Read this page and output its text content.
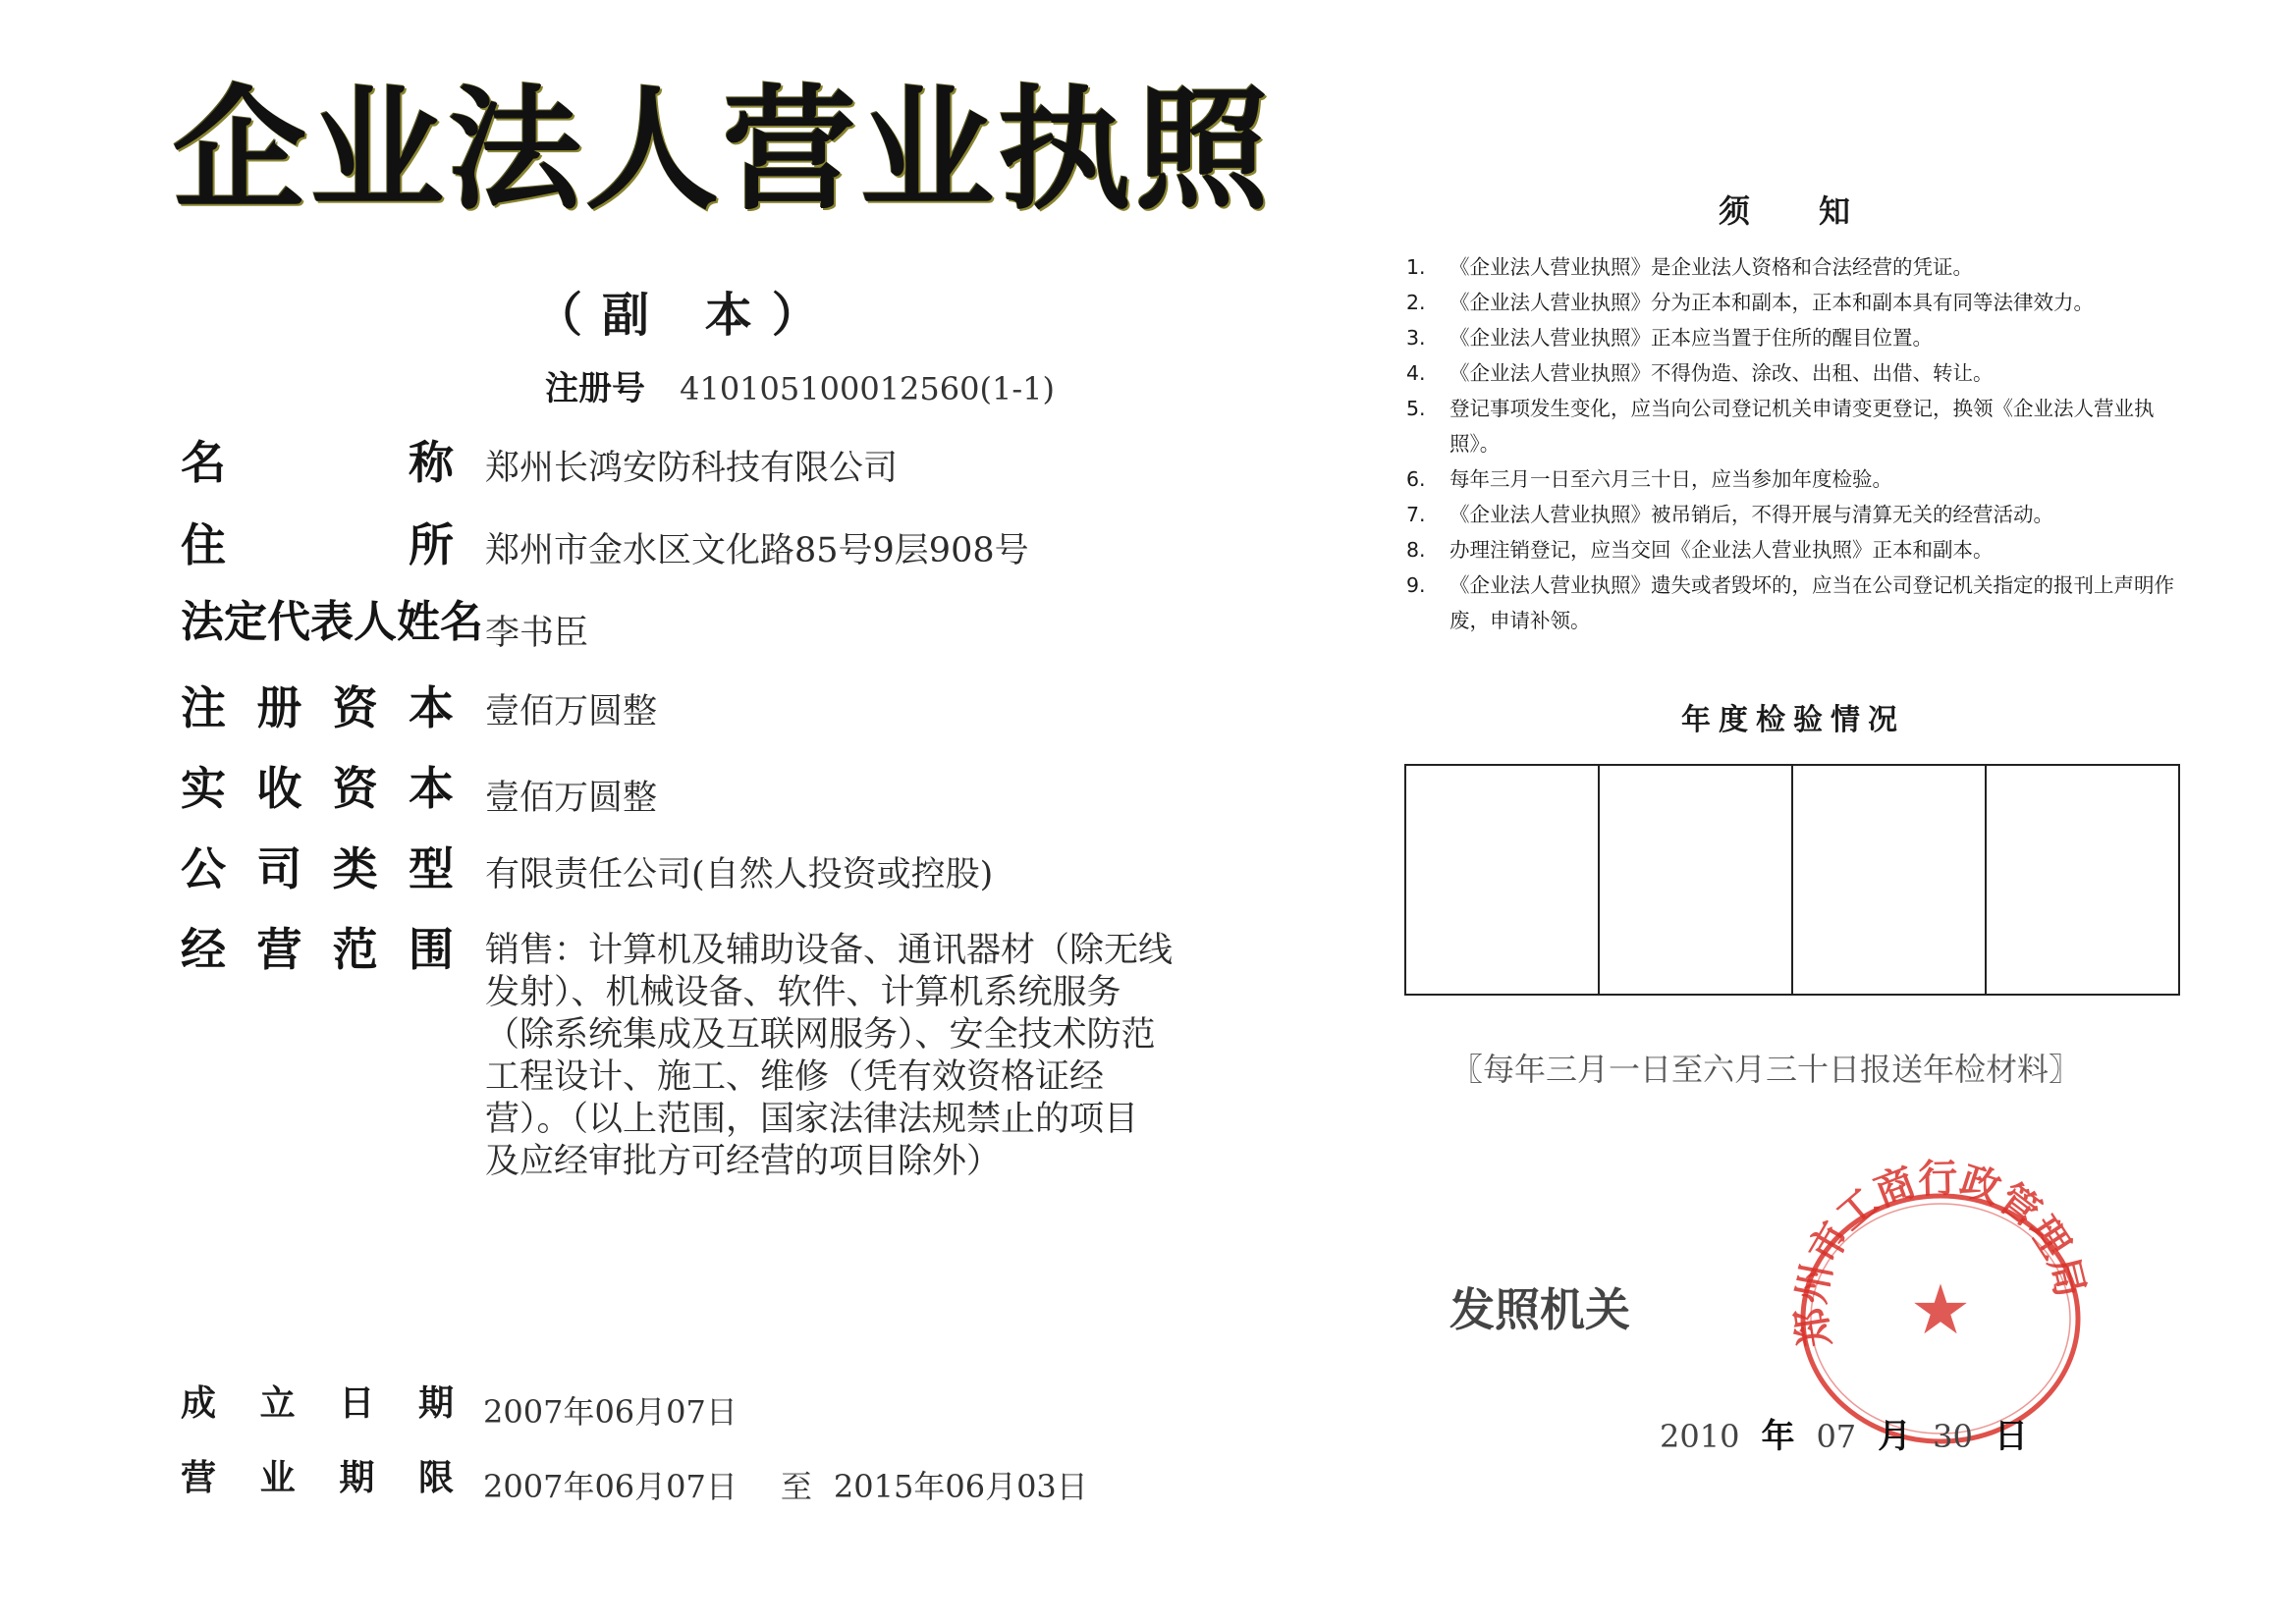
企业法人营业执照
（副 本）
注册号 410105100012560(1-1)
名称 郑州长鸿安防科技有限公司
住所 郑州市金水区文化路85号9层908号
法定代表人姓名 李书臣
注册资本 壹佰万圆整
实收资本 壹佰万圆整
公司类型 有限责任公司(自然人投资或控股)
经营范围 销售：计算机及辅助设备、通讯器材（除无线
发射）、机械设备、软件、计算机系统服务
（除系统集成及互联网服务）、安全技术防范
工程设计、施工、维修（凭有效资格证经
营）。（以上范围，国家法律法规禁止的项目
及应经审批方可经营的项目除外）
成立日期 2007年06月07日
营业期限 2007年06月07日 至 2015年06月03日
须知
1. 《企业法人营业执照》是企业法人资格和合法经营的凭证。
2. 《企业法人营业执照》分为正本和副本，正本和副本具有同等法律效力。
3. 《企业法人营业执照》正本应当置于住所的醒目位置。
4. 《企业法人营业执照》不得伪造、涂改、出租、出借、转让。
5. 登记事项发生变化，应当向公司登记机关申请变更登记，换领《企业法人营业执照》。
6. 每年三月一日至六月三十日，应当参加年度检验。
7. 《企业法人营业执照》被吊销后，不得开展与清算无关的经营活动。
8. 办理注销登记，应当交回《企业法人营业执照》正本和副本。
9. 《企业法人营业执照》遗失或者毁坏的，应当在公司登记机关指定的报刊上声明作废，申请补领。
年度检验情况
〖每年三月一日至六月三十日报送年检材料〗
发照机关	郑州市工商行政管理局
★
2010 年 07 月 30 日
